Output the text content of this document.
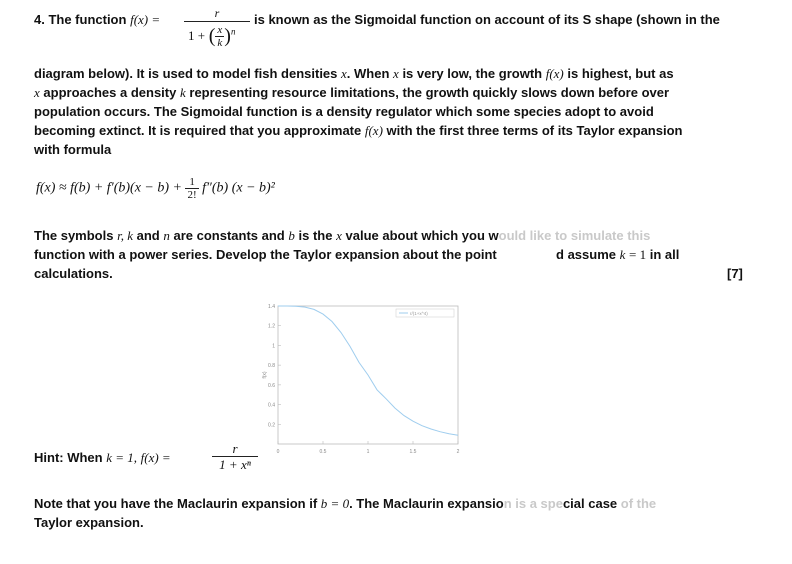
4. The function f(x) =	r
1 + ( $\frac{x}{k} )^n$
is known as the Sigmoidal function on account of its S shape (shown in the
diagram below). It is used to model fish densities x. When x is very low, the growth f(x) is highest, but as
x approaches a density k representing resource limitations, the growth quickly slows down before over
population occurs. The Sigmoidal function is a density regulator which some species adopt to avoid
becoming extinct. It is required that you approximate f(x) with the first three terms of its Taylor expansion
with formula
$f(x) \approx f(b) + f'(b)(x - b) + \frac{1}{2!} f''(b) (x - b)^2$
The symbols r, k and n are constants and b is the x value about which you would like to simulate this
function with a power series. Develop the Taylor expansion about the point	d assume k = 1 in all
calculations.	[7]
0.2
0.4
0.6
0.8
1
1.2
1.4
0	0.5	1	1.5	2
f(x)
r/(1+x^4)
Hint: When k = 1, f(x) =	$\frac{r}{\text{1 + xⁿ}}$
Note that you have the Maclaurin expansion if b = 0. The Maclaurin expansion is a special case of the
Taylor expansion.
